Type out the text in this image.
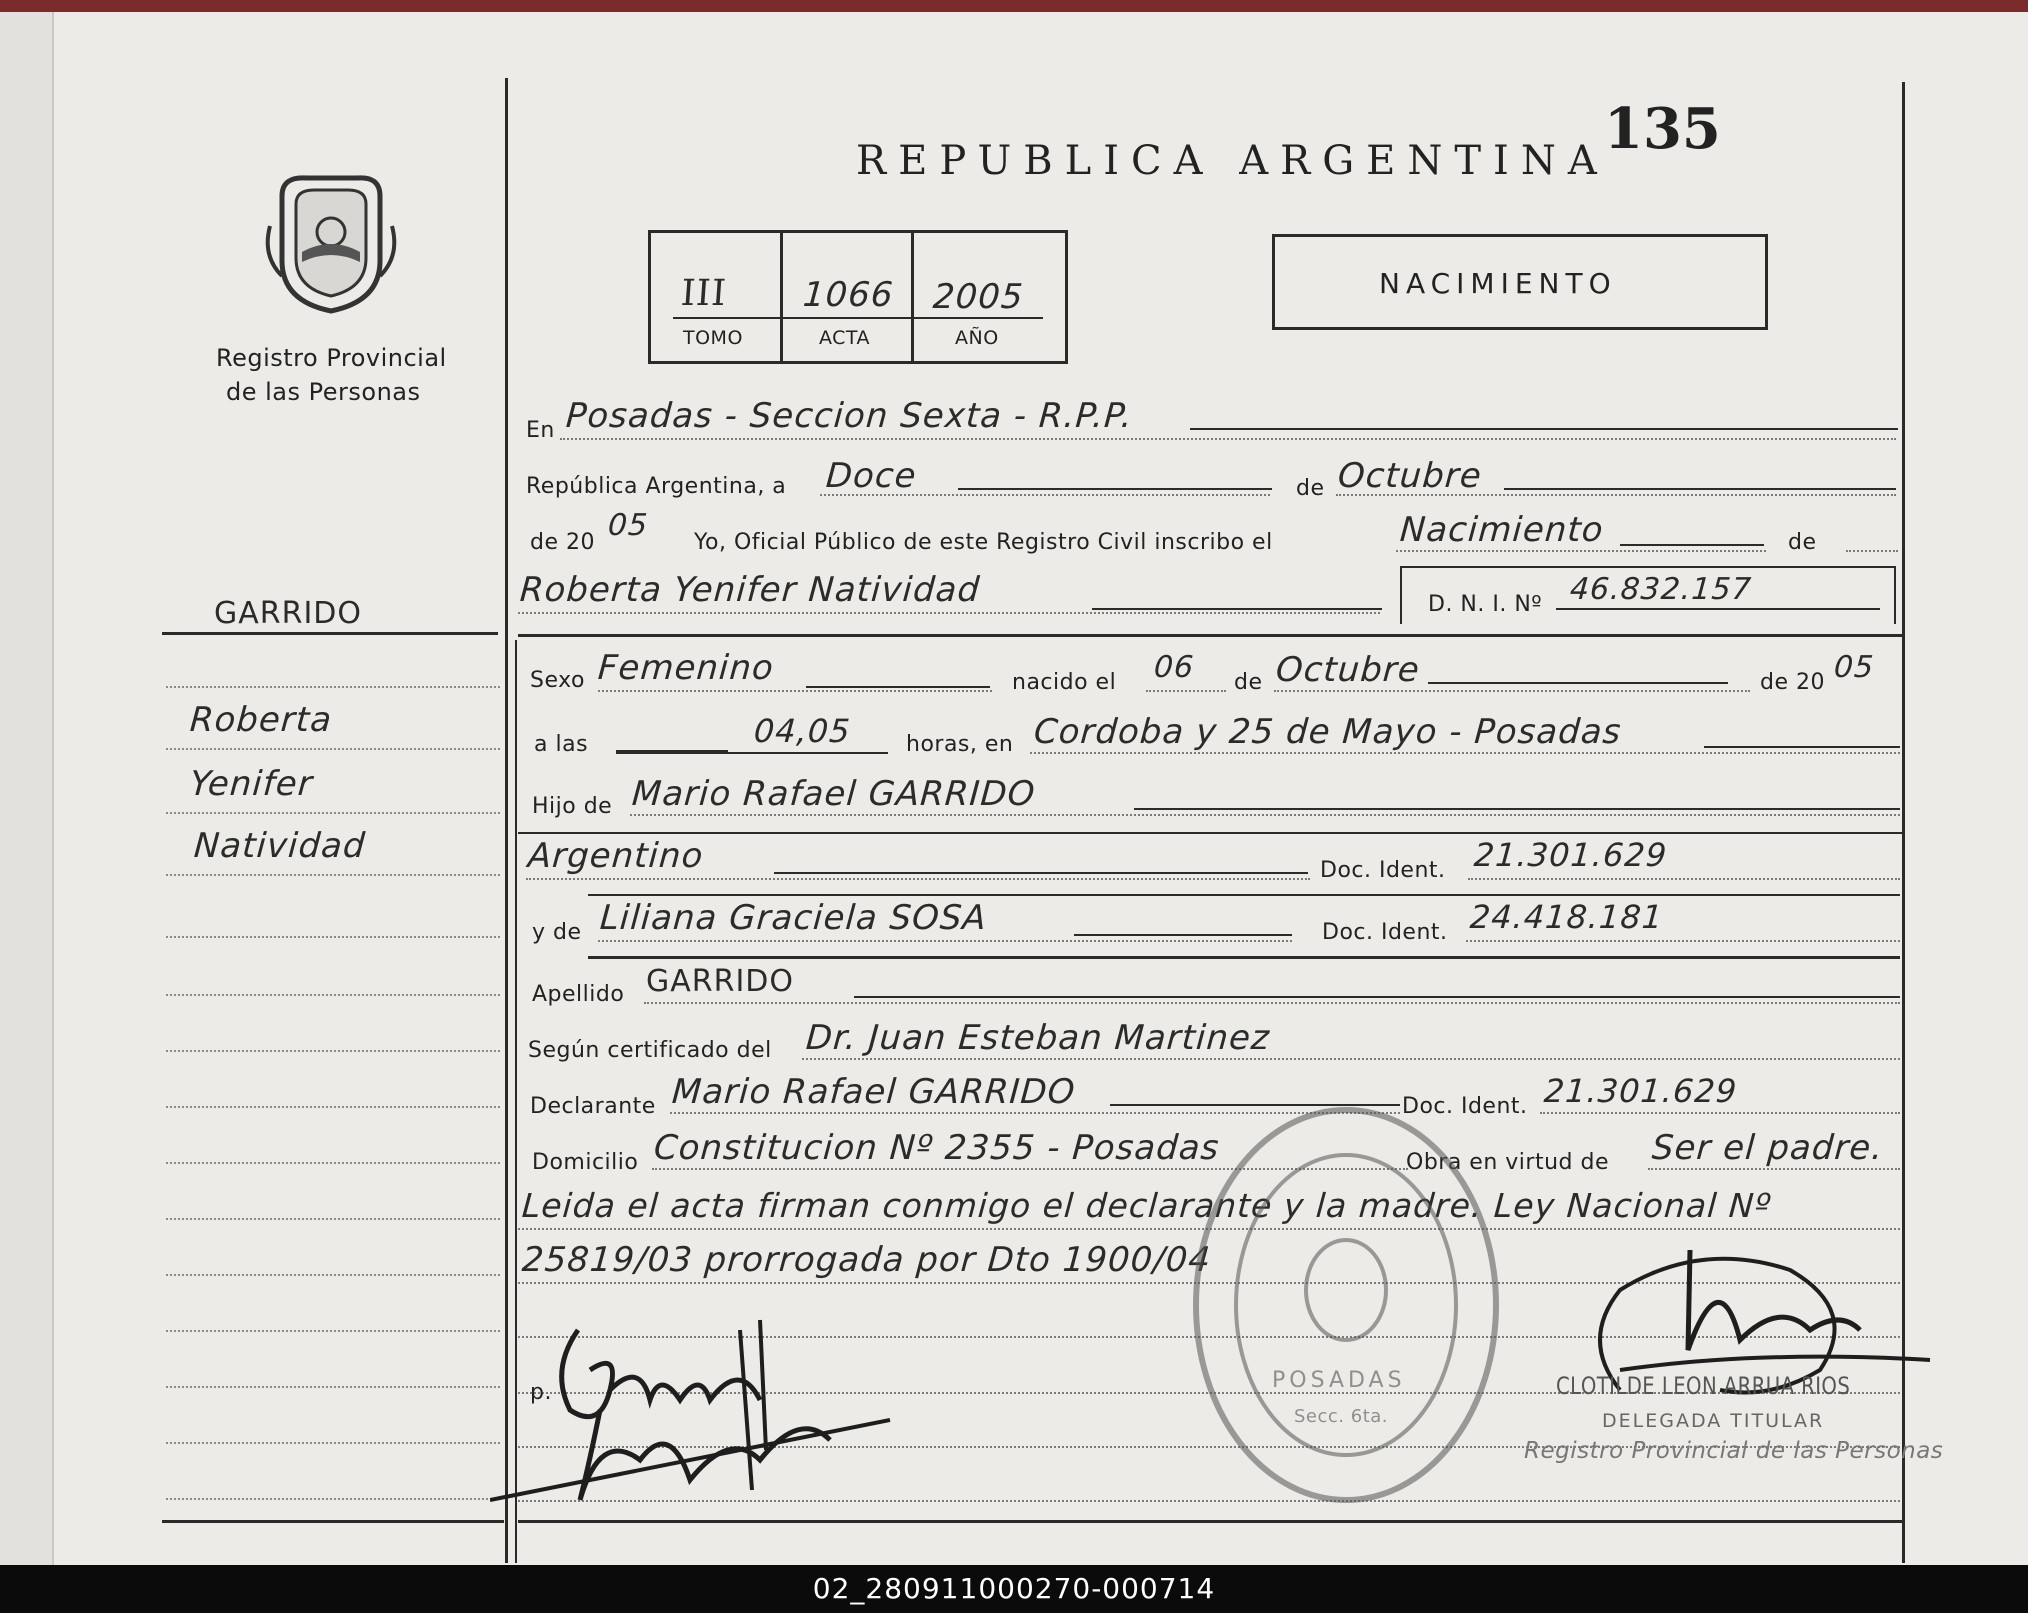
Registro Provincial
de las Personas
REPUBLICA ARGENTINA
135
III 1066 2005
TOMO	ACTA	AÑO
NACIMIENTO
GARRIDO
Roberta
Yenifer
Natividad
En Posadas - Seccion Sexta - R.P.P.
República Argentina, a Doce	de Octubre
de 20 05 Yo, Oficial Público de este Registro Civil inscribo el	Nacimiento	de
Roberta Yenifer Natividad	D. N. I. Nº 46.832.157
Sexo Femenino	nacido el 06 de Octubre	de 20 05
a las	04,05 horas, en Cordoba y 25 de Mayo - Posadas
Hijo de Mario Rafael GARRIDO
Argentino	Doc. Ident. 21.301.629
y de Liliana Graciela SOSA	Doc. Ident. 24.418.181
Apellido GARRIDO
Según certificado del Dr. Juan Esteban Martinez
Declarante Mario Rafael GARRIDO	Doc. Ident. 21.301.629
Domicilio Constitucion Nº 2355 - Posadas	Obra en virtud de Ser el padre.
Leida el acta firman conmigo el declarante y la madre. Ley Nacional Nº
25819/03 prorrogada por Dto 1900/04
p.	POSADAS
Secc. 6ta.
CLOTILDE LEON ARRUA RIOS
DELEGADA TITULAR
Registro Provincial de las Personas
02_280911000270-000714
